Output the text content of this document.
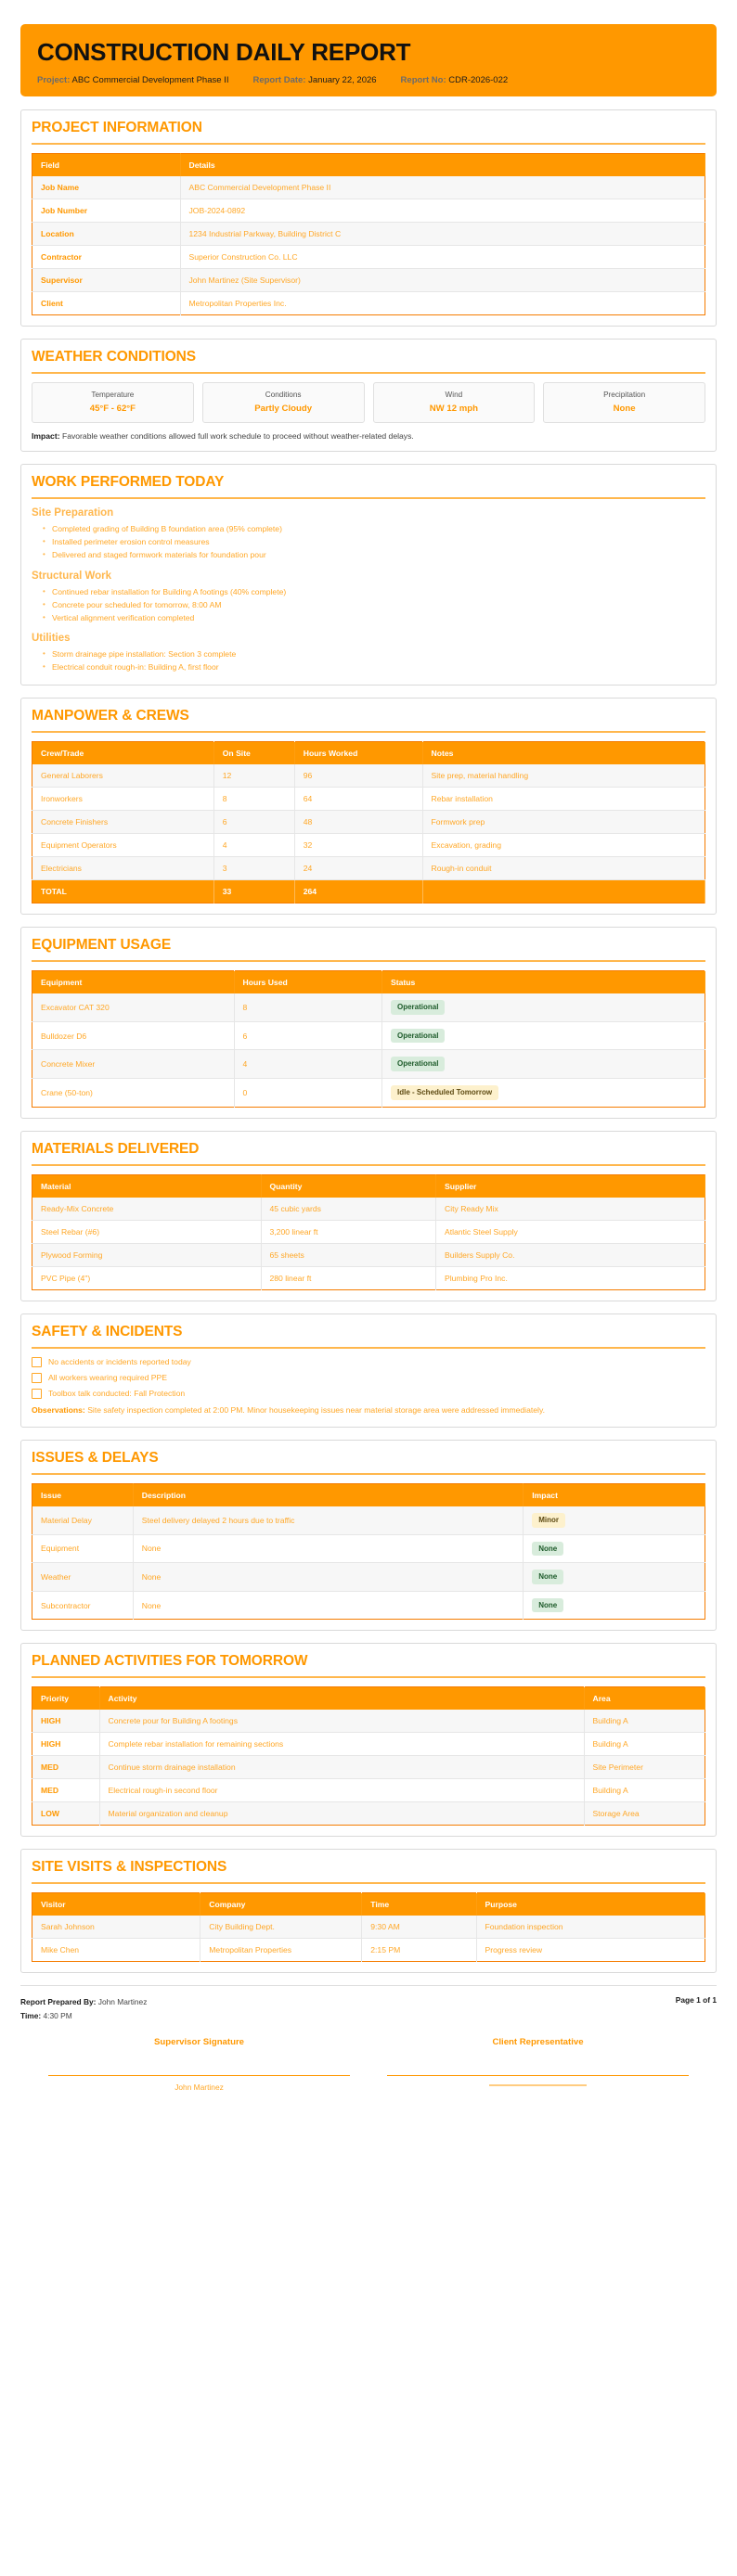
CONSTRUCTION DAILY REPORT
Project: ABC Commercial Development Phase II	Report Date: January 22, 2026	Report No: CDR-2026-022
PROJECT INFORMATION
Field	Details
Job Name	ABC Commercial Development Phase II
Job Number	JOB-2024-0892
Location	1234 Industrial Parkway, Building District C
Contractor	Superior Construction Co. LLC
Supervisor	John Martinez (Site Supervisor)
Client	Metropolitan Properties Inc.
WEATHER CONDITIONS
Temperature
45°F - 62°F
Conditions
Partly Cloudy
Wind
NW 12 mph
Precipitation
None
Impact: Favorable weather conditions allowed full work schedule to proceed without weather-related delays.
WORK PERFORMED TODAY
Site Preparation
• Completed grading of Building B foundation area (95% complete)
• Installed perimeter erosion control measures
• Delivered and staged formwork materials for foundation pour
Structural Work
• Continued rebar installation for Building A footings (40% complete)
• Concrete pour scheduled for tomorrow, 8:00 AM
• Vertical alignment verification completed
Utilities
• Storm drainage pipe installation: Section 3 complete
• Electrical conduit rough-in: Building A, first floor
MANPOWER & CREWS
Crew/Trade	On Site	Hours Worked	Notes
General Laborers	12	96	Site prep, material handling
Ironworkers	8	64	Rebar installation
Concrete Finishers	6	48	Formwork prep
Equipment Operators	4	32	Excavation, grading
Electricians	3	24	Rough-in conduit
TOTAL	33	264	
EQUIPMENT USAGE
Equipment	Hours Used	Status
Excavator CAT 320	8	Operational
Bulldozer D6	6	Operational
Concrete Mixer	4	Operational
Crane (50-ton)	0	Idle - Scheduled Tomorrow
MATERIALS DELIVERED
Material	Quantity	Supplier
Ready-Mix Concrete	45 cubic yards	City Ready Mix
Steel Rebar (#6)	3,200 linear ft	Atlantic Steel Supply
Plywood Forming	65 sheets	Builders Supply Co.
PVC Pipe (4")	280 linear ft	Plumbing Pro Inc.
SAFETY & INCIDENTS
No accidents or incidents reported today
All workers wearing required PPE
Toolbox talk conducted: Fall Protection
Observations: Site safety inspection completed at 2:00 PM. Minor housekeeping issues near material storage area were addressed immediately.
ISSUES & DELAYS
Issue	Description	Impact
Material Delay	Steel delivery delayed 2 hours due to traffic	Minor
Equipment	None	None
Weather	None	None
Subcontractor	None	None
PLANNED ACTIVITIES FOR TOMORROW
Priority	Activity	Area
HIGH	Concrete pour for Building A footings	Building A
HIGH	Complete rebar installation for remaining sections	Building A
MED	Continue storm drainage installation	Site Perimeter
MED	Electrical rough-in second floor	Building A
LOW	Material organization and cleanup	Storage Area
SITE VISITS & INSPECTIONS
Visitor	Company	Time	Purpose
Sarah Johnson	City Building Dept.	9:30 AM	Foundation inspection
Mike Chen	Metropolitan Properties	2:15 PM	Progress review
Report Prepared By: John Martinez
Time: 4:30 PM
Page 1 of 1
Supervisor Signature
John Martinez
Client Representative
